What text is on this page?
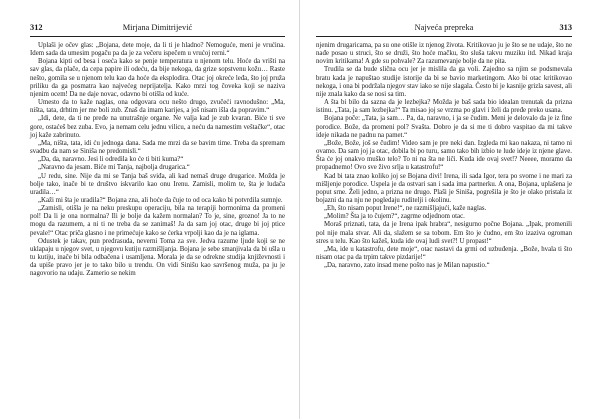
312	Mirjana Dimitrijević

Uplaši je očev glas: „Bojana, dete moje, da li ti je hladno? Nemoguće, meni je vrućina. Idem sada da umesim pogaču pa da je za večeru ispečem u vrućoj rerni.“

Bojana kipti od besa i osećа kako se penje temperatura u njenom telu. Hoće da vrišti na sav glas, da plače, da cepa papire ili odeću, da bije nekoga, da grize sopstvenu kožu… Raste nešto, gomila se u njenom telu kao da hoće da eksplodira. Otac joj okreće leđa, što joj pruža priliku da ga posmatra kao najvećeg neprijatelja. Kako mrzi tog čoveka koji se naziva njenim ocem! Da ne daje novac, odavno bi otišla od kuće.

Umesto da to kaže naglas, ona odgovara ocu nešto drugo, zvučeći ravnodušno: „Ma, ništa, tata, drhtim jer me boli zub. Znaš da imam karijes, a još nisam išla da popravim.“

„Idi, dete, da ti ne pređe na unutrašnje organe. Ne valja kad je zub kvaran. Biće ti sve gore, ostaćeš bez zuba. Evo, ja nemam celu jednu vilicu, a neću da namestim veštačke“, otac joj kaže zabrinuto.

„Ma, ništa, tata, idi ću jednoga dana. Sada me mrzi da se bavim time. Treba da spremam svadbu da nam se Siniša ne predomisli.“

„Da, da, naravno. Jesi li odredila ko će ti biti kuma?“

„Naravno da jesam. Biće mi Tanja, najbolja drugarica.“

„U redu, sine. Nije da mi se Tanja baš sviđa, ali kad nemaš druge drugarice. Možda je bolje tako, inače bi te društvo iskvarilo kao onu Irenu. Zamisli, molim te, šta je ludača uradila…“

„Kaži mi šta je uradila?“ Bojana zna, ali hoće da čuje to od oca kako bi potvrdila sumnje.

„Zamisli, otišla je na neku preskupu operaciju, bila na terapiji hormonima da promeni pol! Da li je ona normalna? Ili je bolje da kažem normalan? To je, sine, grozno! Ja to ne mogu da razumem, a ni ti ne treba da se zanimaš! Ja da sam joj otac, druge bi joj ptice pevale!“ Otac priča glasno i ne primećuje kako se ćerka vrpolji kao da je na iglama.

Odustek je takav, pun predrasuda, neverni Toma za sve. Jedva razume ljude koji se ne uklapaju u njegov svet, u njegovu kutiju razmišljanja. Bojana je sebe smanjivala da bi ušla u tu kutiju, inače bi bila odbačena i usamljena. Morala je da se odrekne studija književnosti i da upiše pravo jer je to tako bilo u trendu. On vidi Sinišu kao savršenog muža, pa ju je nagovorio na udaju. Zamerio se nekim

Najveća prepreka	313

njenim drugaricama, pa su one otišle iz njenog života. Kritikovao ju je što se ne udaje, što ne nađe posao u struci, što se druži, što hoće mačku, što sluša takvu muziku itd. Nikad kraja novim kritikama! A gde su pohvale? Za razumevanje bolje da ne pita.

Trudila se da bude slična ocu jer je mislila da ga voli. Zajedno sa njim se podsmevala bratu kada je napuštao studije istorije da bi se bavio marketingom. Ako bi otac kritikovao nekoga, i ona bi podržala njegov stav iako se nije slagala. Često bi je kasnije grizla savest, ali nije znala kako da se nosi sa tim.

A šta bi bilo da sazna da je lezbejka? Možda je baš sada bio idealan trenutak da prizna istinu. „Tata, ja sam lezbejka!“ Ta misao joj se vrzma po glavi i želi da pređe preko usana.

Bojana poče: „Tata, ja sam… Pa, da, naravno, i ja se čudim. Meni je delovalo da je iz fine porodice. Bože, da promeni pol? Svašta. Dobro je da si me ti dobro vaspitao da mi takve ideje nikada ne padnu na pamet.“

„Bože, Bože, još se čudim! Video sam je pre neki dan. Izgleda mi kao nakaza, ni tamo ni ovamo. Da sam joj ja otac, dobila bi po turu, samo tako bih izbio te lude ideje iz njene glave. Šta će joj onakvo muško telo? To ni na šta ne liči. Kuda ide ovaj svet!? Neeee, moramo da propadnemo! Ovo sve živo srlja u katastrofu!“

Kad bi tata znao koliko joj se Bojana divi! Irena, ili sada Igor, tera po svome i ne mari za mišljenje porodice. Uspela je da ostvari san i sada ima partnerku. A ona, Bojana, uplašena je poput srne. Želi jedno, a prizna ne drugo. Plaši je Siniša, pogrešila je što je olako pristala iz bojazni da na nju ne pogledaju ruditelji i okolinu.

„Eh, što nisam poput Irene!“, ne razmišljajući, kaže naglas.

„Molim? Šta ja to čujem?“, zagrme odjednom otac.

Moraš priznati, tata, da je Irena ipak hrabra“, nesigurno počne Bojana. „Ipak, promenili pol nije mala stvar. Ali da, slažem se sa tobom. Em što je ćudno, em što izaziva ogroman stres u telu. Kao što kažeš, kuda ide ovaj ludi svet?! U propast!“

„Ma, ide u katastrofu, dete moje“, otac nastavi da grmi od uzbuđenja. „Bože, hvala ti što nisam otac pa da trpim takve pizdarije!“

„Da, naravno, zato insad mene pošto nas je Milan napustio.“
